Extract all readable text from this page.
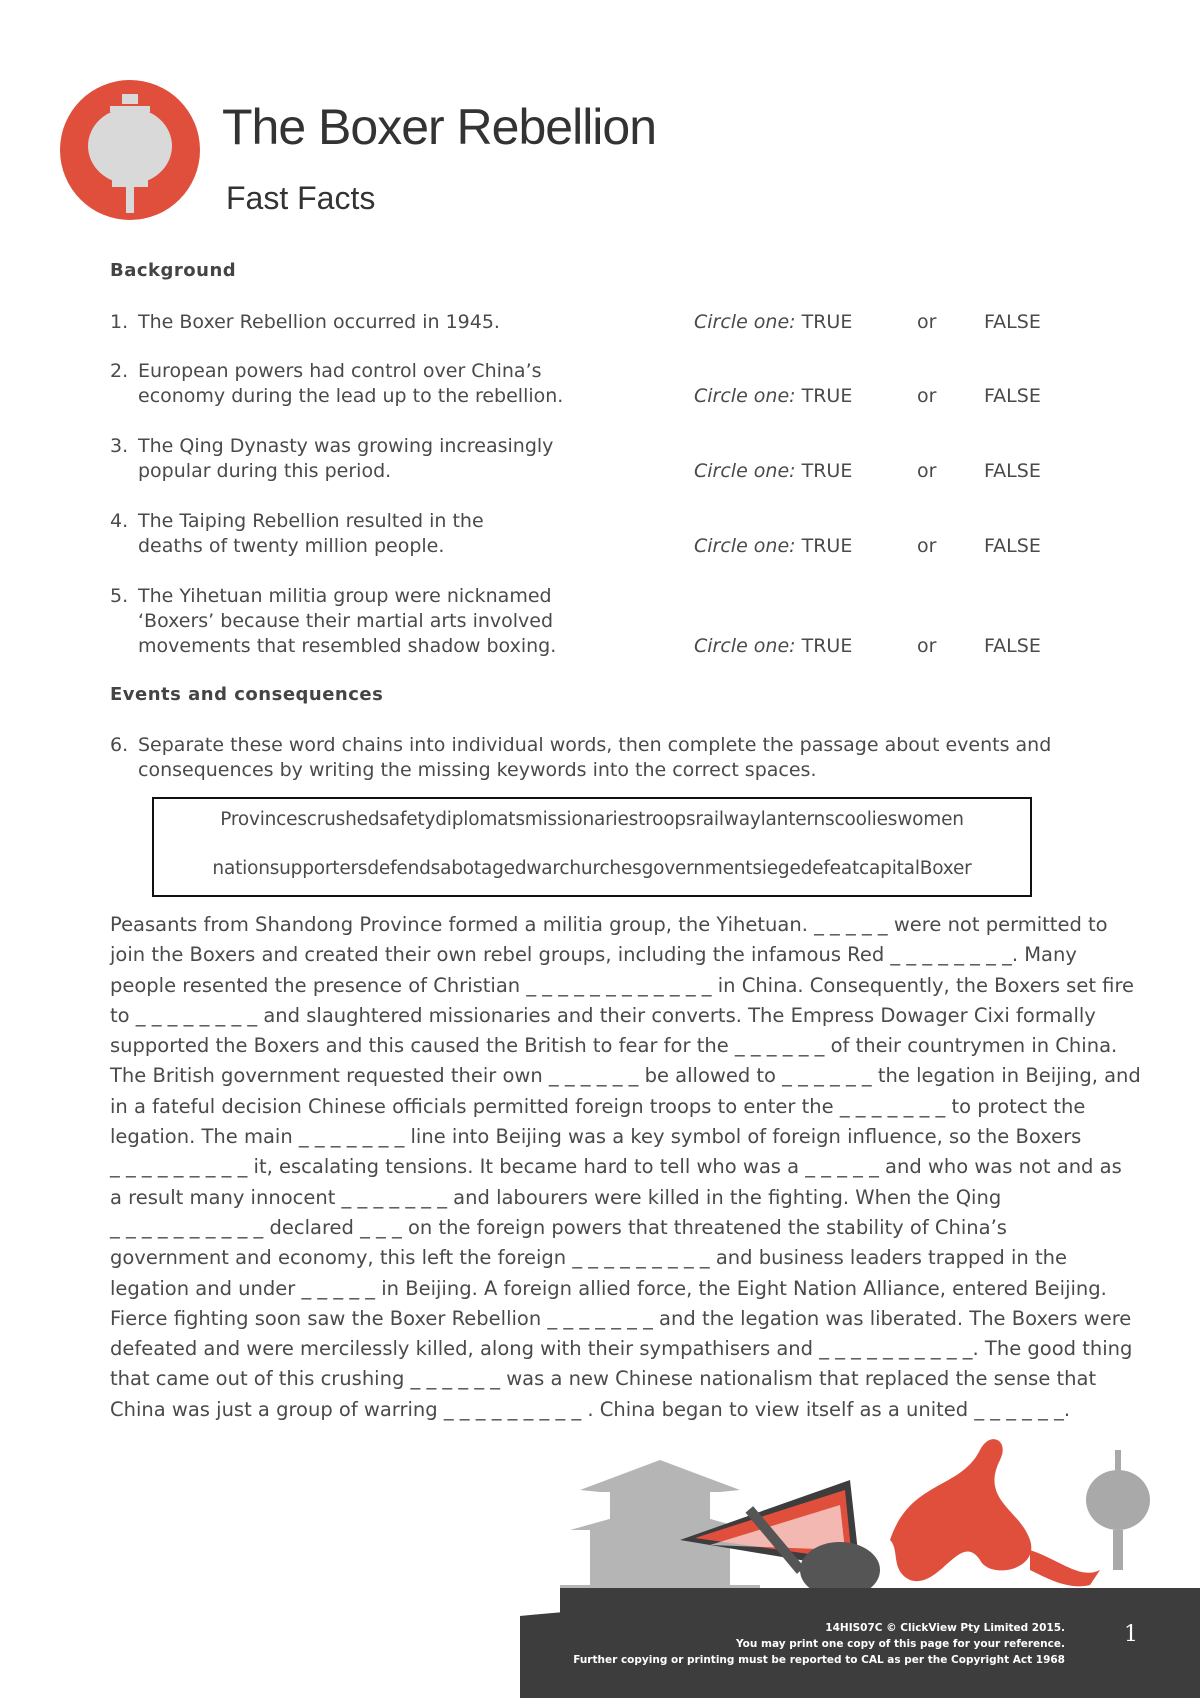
The Boxer Rebellion
Fast Facts
Background
1. The Boxer Rebellion occurred in 1945.	Circle one: TRUE	or	FALSE
2. European powers had control over China’s
economy during the lead up to the rebellion.	Circle one: TRUE	or	FALSE
3. The Qing Dynasty was growing increasingly
popular during this period.	Circle one: TRUE	or	FALSE
4. The Taiping Rebellion resulted in the
deaths of twenty million people.	Circle one: TRUE	or	FALSE
5. The Yihetuan militia group were nicknamed
‘Boxers’ because their martial arts involved
movements that resembled shadow boxing.	Circle one: TRUE	or	FALSE
Events and consequences
6. Separate these word chains into individual words, then complete the passage about events and
consequences by writing the missing keywords into the correct spaces.
Provincescrushedsafetydiplomatsmissionariestroopsrailwaylanternscoolieswomen
nationsupportersdefendsabotagedwarchurchesgovernmentsiegedefeatcapitalBoxer
Peasants from Shandong Province formed a militia group, the Yihetuan. _ _ _ _ _ were not permitted to
join the Boxers and created their own rebel groups, including the infamous Red _ _ _ _ _ _ _ _. Many
people resented the presence of Christian _ _ _ _ _ _ _ _ _ _ _ _ in China. Consequently, the Boxers set fire
to _ _ _ _ _ _ _ _ and slaughtered missionaries and their converts. The Empress Dowager Cixi formally
supported the Boxers and this caused the British to fear for the _ _ _ _ _ _ of their countrymen in China.
The British government requested their own _ _ _ _ _ _ be allowed to _ _ _ _ _ _ the legation in Beijing, and
in a fateful decision Chinese officials permitted foreign troops to enter the _ _ _ _ _ _ _ to protect the
legation. The main _ _ _ _ _ _ _ line into Beijing was a key symbol of foreign influence, so the Boxers
_ _ _ _ _ _ _ _ _ it, escalating tensions. It became hard to tell who was a _ _ _ _ _ and who was not and as
a result many innocent _ _ _ _ _ _ _ and labourers were killed in the fighting. When the Qing
_ _ _ _ _ _ _ _ _ _ declared _ _ _ on the foreign powers that threatened the stability of China’s
government and economy, this left the foreign _ _ _ _ _ _ _ _ _ and business leaders trapped in the
legation and under _ _ _ _ _ in Beijing. A foreign allied force, the Eight Nation Alliance, entered Beijing.
Fierce fighting soon saw the Boxer Rebellion _ _ _ _ _ _ _ and the legation was liberated. The Boxers were
defeated and were mercilessly killed, along with their sympathisers and _ _ _ _ _ _ _ _ _ _. The good thing
that came out of this crushing _ _ _ _ _ _ was a new Chinese nationalism that replaced the sense that
China was just a group of warring _ _ _ _ _ _ _ _ _ . China began to view itself as a united _ _ _ _ _ _.
14HIS07C © ClickView Pty Limited 2015.
You may print one copy of this page for your reference.
Further copying or printing must be reported to CAL as per the Copyright Act 1968
1
